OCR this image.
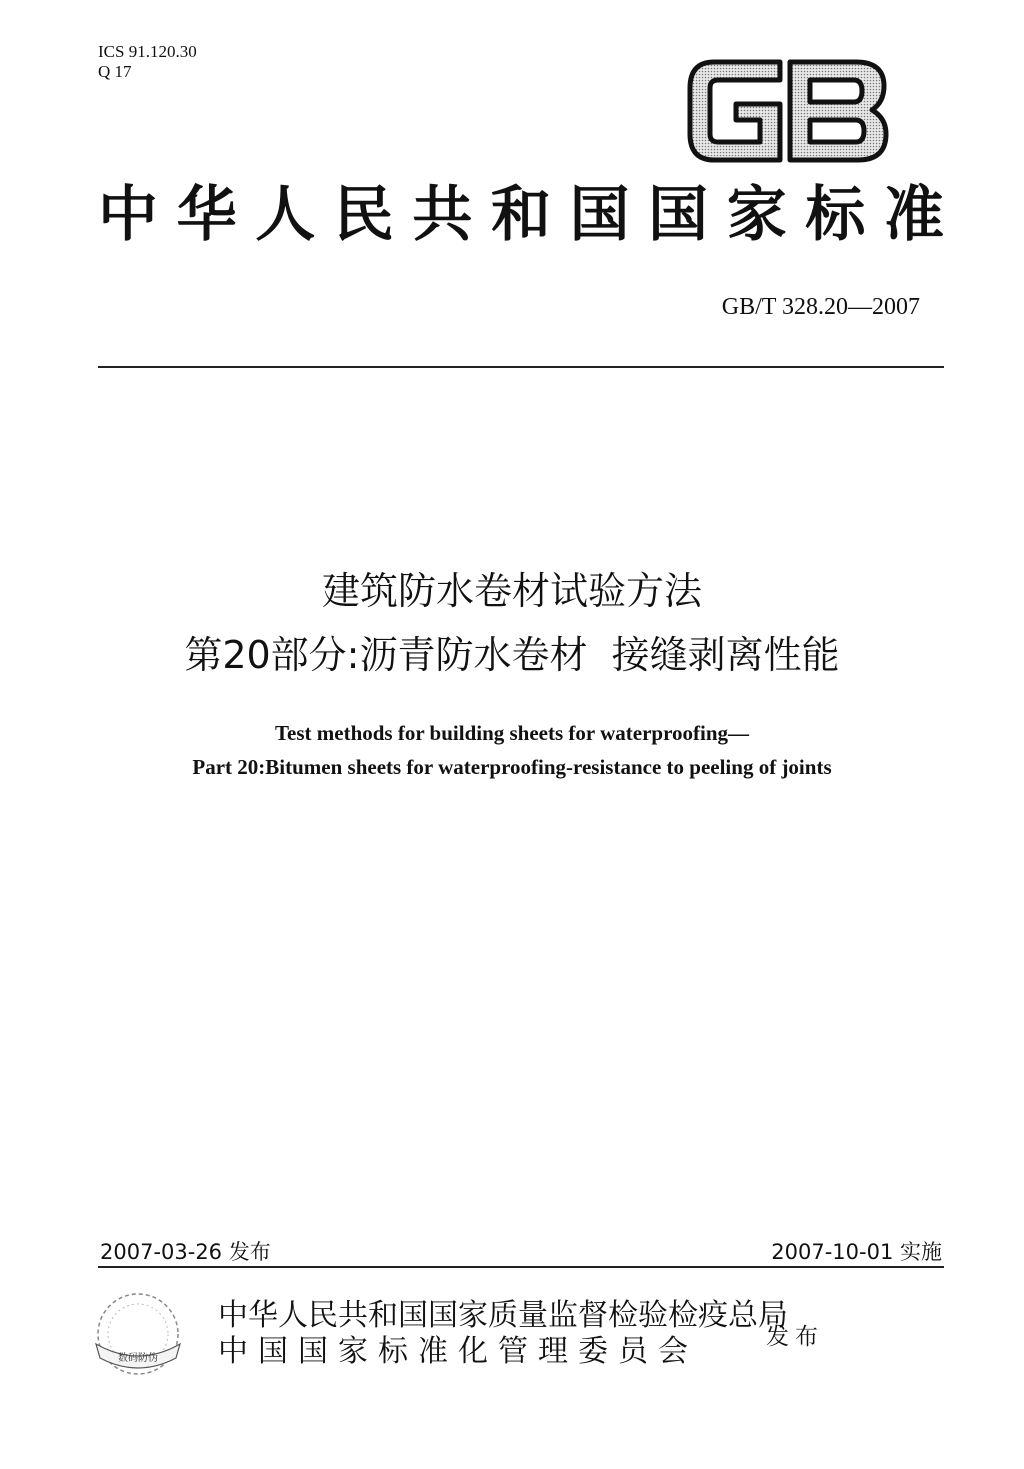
ICS 91.120.30
Q 17
中 华 人 民 共 和 国 国 家 标 准
GB/T 328.20—2007
建筑防水卷材试验方法
第20部分:沥青防水卷材  接缝剥离性能
Test methods for building sheets for waterproofing—
Part 20:Bitumen sheets for waterproofing-resistance to peeling of joints
2007-03-26 发布	2007-10-01 实施
数码防伪
中华人民共和国国家质量监督检验检疫总局
中国国家标准化管理委员会	发布
